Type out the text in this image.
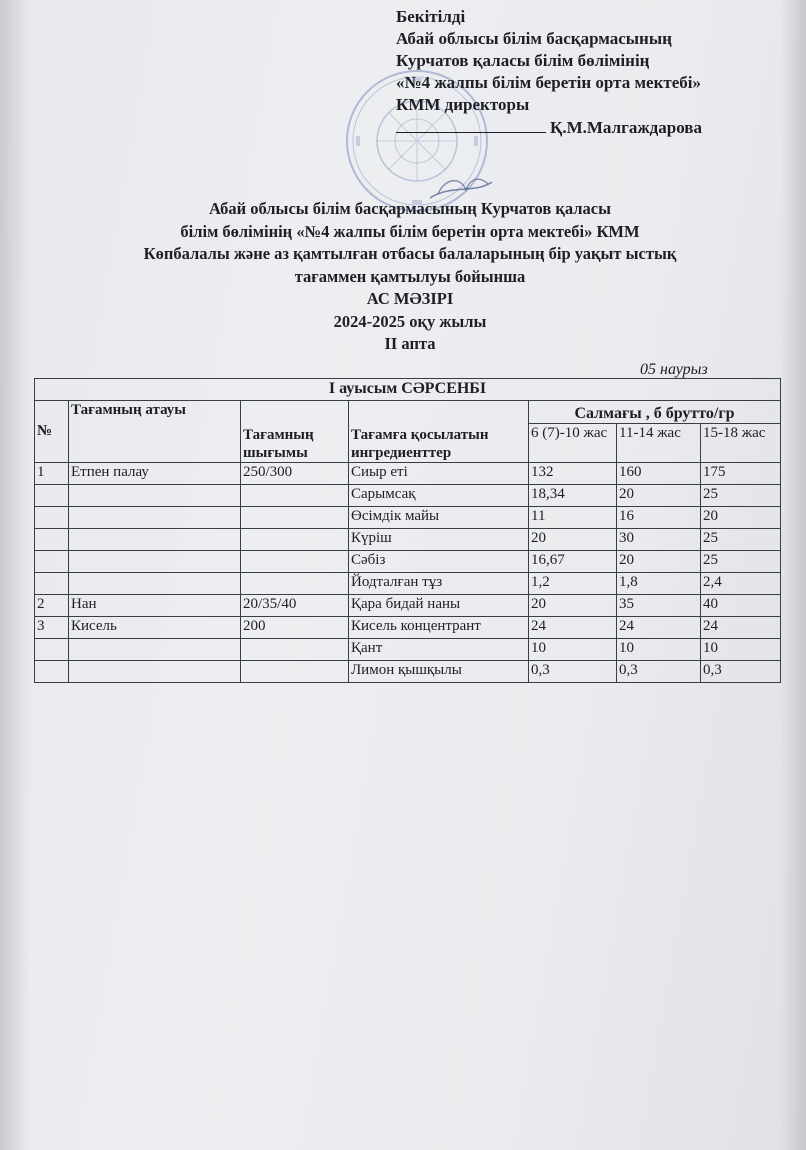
Бекітілді
Абай облысы білім басқармасының
Курчатов қаласы білім бөлімінің
«№4 жалпы білім беретін орта мектебі»
КММ директоры
Қ.М.Малгаждарова
Абай облысы білім басқармасының Курчатов қаласы
білім бөлімінің «№4 жалпы білім беретін орта мектебі» КММ
Көпбалалы және аз қамтылған отбасы балаларының бір уақыт ыстық
тағаммен қамтылуы бойынша
АС МӘЗІРІ
2024-2025 оқу жылы
ІІ апта
05 наурыз
І ауысым СӘРСЕНБІ						
№	Тағамның атауы	Тағамның шығымы	Тағамға қосылатын ингредиенттер	Салмағы , б брутто/гр		
				6 (7)-10 жас	11-14 жас	15-18 жас
1	Етпен палау	250/300	Сиыр еті	132	160	175
			Сарымсақ	18,34	20	25
			Өсімдік майы	11	16	20
			Күріш	20	30	25
			Сәбіз	16,67	20	25
			Йодталған тұз	1,2	1,8	2,4
2	Нан	20/35/40	Қара бидай наны	20	35	40
3	Кисель	200	Кисель концентрант	24	24	24
			Қант	10	10	10
			Лимон қышқылы	0,3	0,3	0,3
